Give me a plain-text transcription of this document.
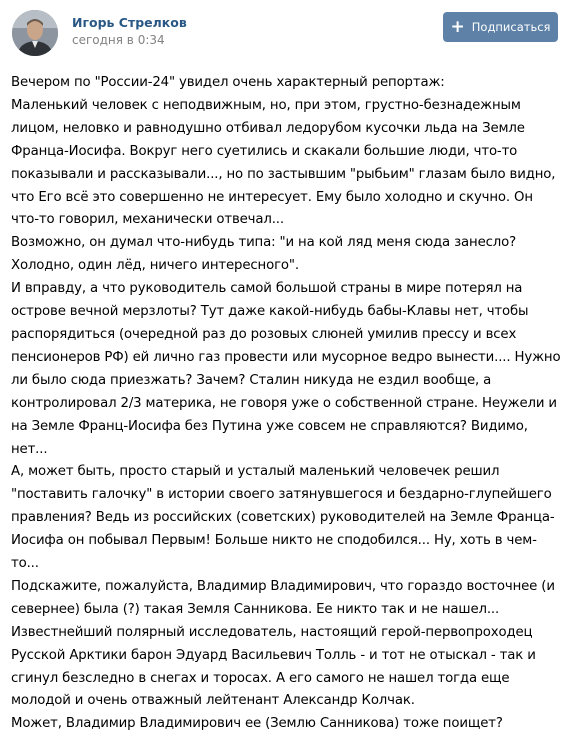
Игорь Стрелков
сегодня в 0:34
+ Подписаться

Вечером по "России-24" увидел очень характерный репортаж:

Маленький человек с неподвижным, но, при этом, грустно-безнадежным лицом, неловко и равнодушно отбивал ледорубом кусочки льда на Земле Франца-Иосифа. Вокруг него суетились и скакали большие люди, что-то показывали и рассказывали..., но по застывшим "рыбьим" глазам было видно, что Его всё это совершенно не интересует. Ему было холодно и скучно. Он что-то говорил, механически отвечал...

Возможно, он думал что-нибудь типа: "и на кой ляд меня сюда занесло? Холодно, один лёд, ничего интересного".

И вправду, а что руководитель самой большой страны в мире потерял на острове вечной мерзлоты? Тут даже какой-нибудь бабы-Клавы нет, чтобы распорядиться (очередной раз до розовых слюней умилив прессу и всех пенсионеров РФ) ей лично газ провести или мусорное ведро вынести.... Нужно ли было сюда приезжать? Зачем? Сталин никуда не ездил вообще, а контролировал 2/3 материка, не говоря уже о собственной стране. Неужели и на Земле Франц-Иосифа без Путина уже совсем не справляются? Видимо, нет...

А, может быть, просто старый и усталый маленький человечек решил "поставить галочку" в истории своего затянувшегося и бездарно-глупейшего правления? Ведь из российских (советских) руководителей на Земле Франца-Иосифа он побывал Первым! Больше никто не сподобился... Ну, хоть в чем-то...

Подскажите, пожалуйста, Владимир Владимирович, что гораздо восточнее (и севернее) была (?) такая Земля Санникова. Ее никто так и не нашел... Известнейший полярный исследователь, настоящий герой-первопроходец Русской Арктики барон Эдуард Васильевич Толль - и тот не отыскал - так и сгинул безследно в снегах и торосах. А его самого не нашел тогда еще молодой и очень отважный лейтенант Александр Колчак.

Может, Владимир Владимирович ее (Землю Санникова) тоже поищет?
